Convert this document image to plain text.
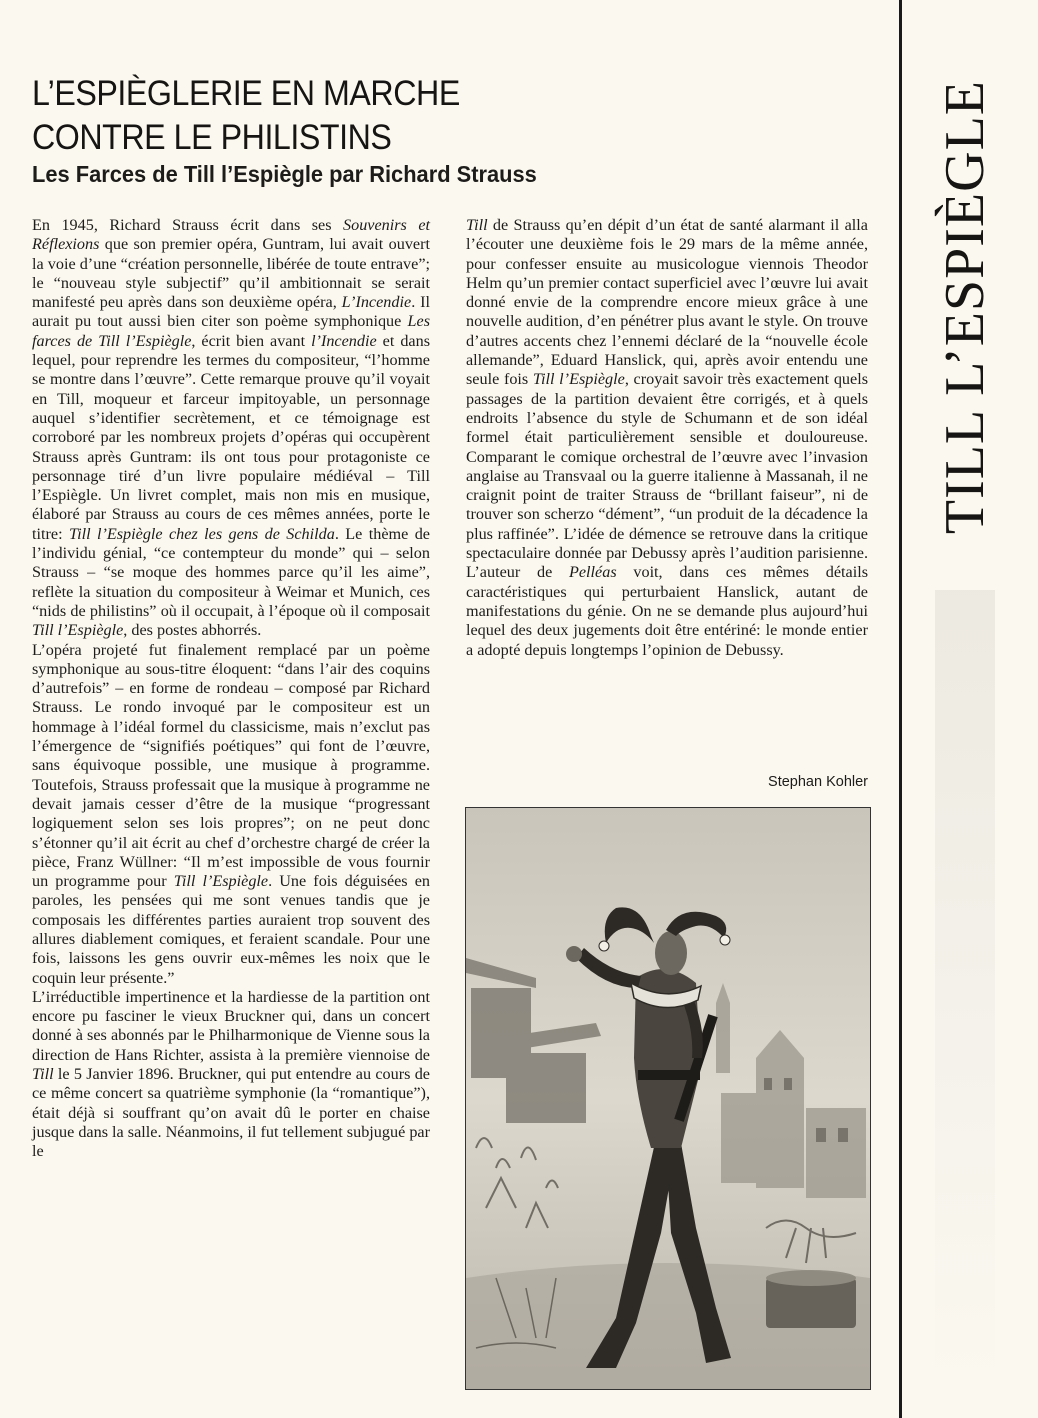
L’ESPIÈGLERIE EN MARCHE
CONTRE LE PHILISTINS
Les Farces de Till l’Espiègle par Richard Strauss

En 1945, Richard Strauss écrit dans ses Souvenirs et Réflexions que son premier opéra, Guntram, lui avait ouvert la voie d’une “création personnelle, libérée de toute entrave”; le “nouveau style subjectif” qu’il ambitionnait se serait manifesté peu après dans son deuxième opéra, L’Incendie. Il aurait pu tout aussi bien citer son poème symphonique Les farces de Till l’Espiègle, écrit bien avant l’Incendie et dans lequel, pour reprendre les termes du compositeur, “l’homme se montre dans l’œuvre”. Cette remarque prouve qu’il voyait en Till, moqueur et farceur impitoyable, un personnage auquel s’identifier secrètement, et ce témoignage est corroboré par les nombreux projets d’opéras qui occupèrent Strauss après Guntram: ils ont tous pour protagoniste ce personnage tiré d’un livre populaire médiéval – Till l’Espiègle. Un livret complet, mais non mis en musique, élaboré par Strauss au cours de ces mêmes années, porte le titre: Till l’Espiègle chez les gens de Schilda. Le thème de l’individu génial, “ce contempteur du monde” qui – selon Strauss – “se moque des hommes parce qu’il les aime”, reflète la situation du compositeur à Weimar et Munich, ces “nids de philistins” où il occupait, à l’époque où il composait Till l’Espiègle, des postes abhorrés.

L’opéra projeté fut finalement remplacé par un poème symphonique au sous-titre éloquent: “dans l’air des coquins d’autrefois” – en forme de rondeau – composé par Richard Strauss. Le rondo invoqué par le compositeur est un hommage à l’idéal formel du classicisme, mais n’exclut pas l’émergence de “signifiés poétiques” qui font de l’œuvre, sans équivoque possible, une musique à programme. Toutefois, Strauss professait que la musique à programme ne devait jamais cesser d’être de la musique “progressant logiquement selon ses lois propres”; on ne peut donc s’étonner qu’il ait écrit au chef d’orchestre chargé de créer la pièce, Franz Wüllner: “Il m’est impossible de vous fournir un programme pour Till l’Espiègle. Une fois déguisées en paroles, les pensées qui me sont venues tandis que je composais les différentes parties auraient trop souvent des allures diablement comiques, et feraient scandale. Pour une fois, laissons les gens ouvrir eux-mêmes les noix que le coquin leur présente.”

L’irréductible impertinence et la hardiesse de la partition ont encore pu fasciner le vieux Bruckner qui, dans un concert donné à ses abonnés par le Philharmonique de Vienne sous la direction de Hans Richter, assista à la première viennoise de Till le 5 Janvier 1896. Bruckner, qui put entendre au cours de ce même concert sa quatrième symphonie (la “romantique”), était déjà si souffrant qu’on avait dû le porter en chaise jusque dans la salle. Néanmoins, il fut tellement subjugué par le

Till de Strauss qu’en dépit d’un état de santé alarmant il alla l’écouter une deuxième fois le 29 mars de la même année, pour confesser ensuite au musicologue viennois Theodor Helm qu’un premier contact superficiel avec l’œuvre lui avait donné envie de la comprendre encore mieux grâce à une nouvelle audition, d’en pénétrer plus avant le style. On trouve d’autres accents chez l’ennemi déclaré de la “nouvelle école allemande”, Eduard Hanslick, qui, après avoir entendu une seule fois Till l’Espiègle, croyait savoir très exactement quels passages de la partition devaient être corrigés, et à quels endroits l’absence du style de Schumann et de son idéal formel était particulièrement sensible et douloureuse. Comparant le comique orchestral de l’œuvre avec l’invasion anglaise au Transvaal ou la guerre italienne à Massanah, il ne craignit point de traiter Strauss de “brillant faiseur”, ni de trouver son scherzo “dément”, “un produit de la décadence la plus raffinée”. L’idée de démence se retrouve dans la critique spectaculaire donnée par Debussy après l’audition parisienne. L’auteur de Pelléas voit, dans ces mêmes détails caractéristiques qui perturbaient Hanslick, autant de manifestations du génie. On ne se demande plus aujourd’hui lequel des deux jugements doit être entériné: le monde entier a adopté depuis longtemps l’opinion de Debussy.

Stephan Kohler
TILL L’ESPIÈGLE
